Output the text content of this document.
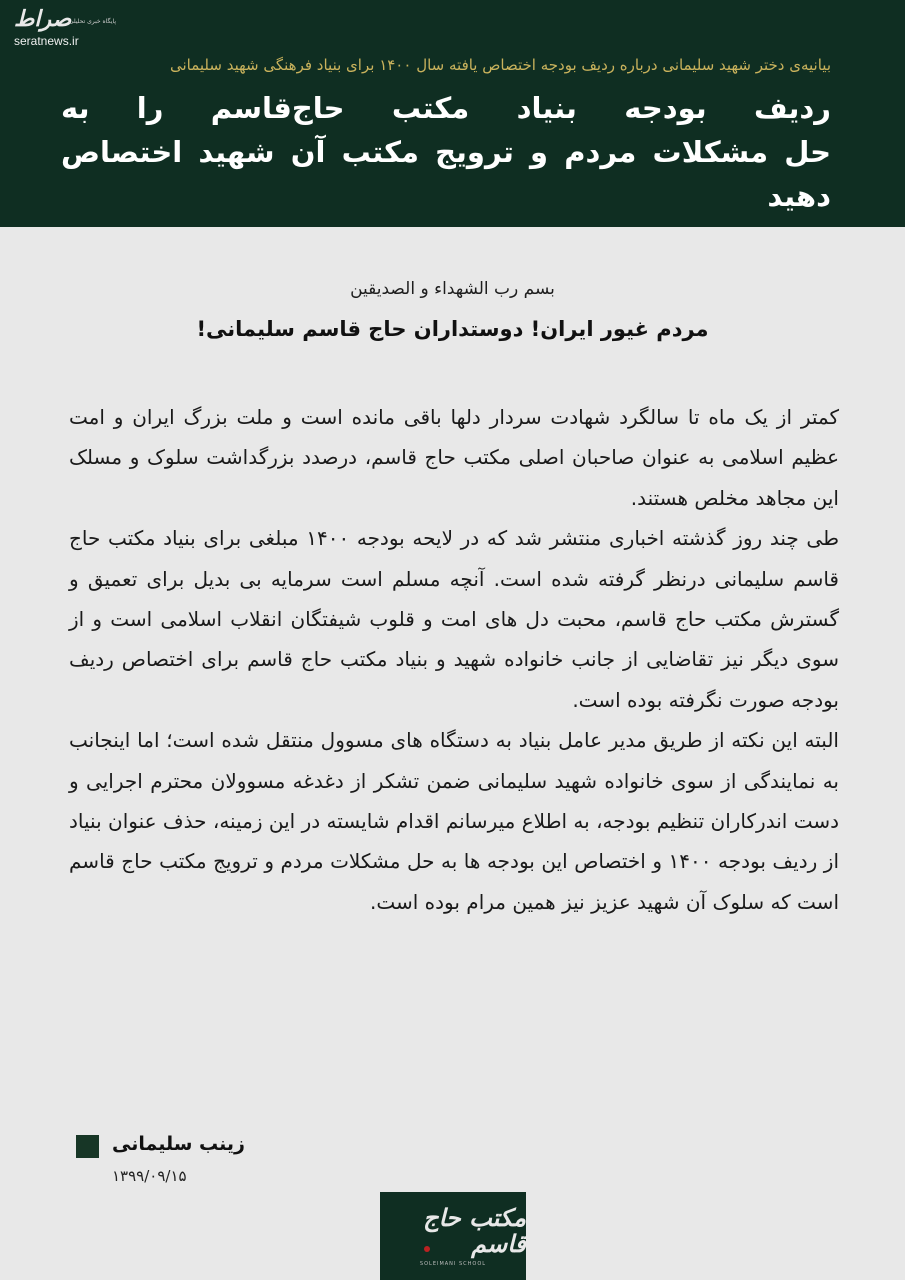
صراط
پایگاه خبری تحلیلی
seratnews.ir
بیانیه‌ی دختر شهید سلیمانی درباره ردیف بودجه اختصاص یافته سال ۱۴۰۰ برای بنیاد فرهنگی شهید سلیمانی
ردیف بودجه بنیاد مکتب حاج‌قاسم را به
حل مشکلات مردم و ترویج مکتب آن شهید اختصاص دهید
بسم رب الشهداء و الصدیقین
مردم غیور ایران! دوستداران حاج قاسم سلیمانی!

کمتر از یک ماه تا سالگرد شهادت سردار دلها باقی مانده است و ملت بزرگ ایران و امت عظیم اسلامی به عنوان صاحبان اصلی مکتب حاج قاسم، درصدد بزرگداشت سلوک و مسلک این مجاهد مخلص هستند.

طی چند روز گذشته اخباری منتشر شد که در لایحه بودجه ۱۴۰۰ مبلغی برای بنیاد مکتب حاج قاسم سلیمانی درنظر گرفته شده است. آنچه مسلم است سرمایه بی بدیل برای تعمیق و گسترش مکتب حاج قاسم، محبت دل های امت و قلوب شیفتگان انقلاب اسلامی است و از سوی دیگر نیز تقاضایی از جانب خانواده شهید و بنیاد مکتب حاج قاسم برای اختصاص ردیف بودجه صورت نگرفته بوده است.

البته این نکته از طریق مدیر عامل بنیاد به دستگاه های مسوول منتقل شده است؛ اما اینجانب به نمایندگی از سوی خانواده شهید سلیمانی ضمن تشکر از دغدغه مسوولان محترم اجرایی و دست اندرکاران تنظیم بودجه، به اطلاع میرسانم اقدام شایسته در این زمینه، حذف عنوان بنیاد از ردیف بودجه ۱۴۰۰ و اختصاص این بودجه ها به حل مشکلات مردم و ترویج مکتب حاج قاسم است که سلوک آن شهید عزیز نیز همین مرام بوده است.

زینب سلیمانی
۱۳۹۹/۰۹/۱۵
مکتب حاج قاسم
SOLEIMANI SCHOOL
